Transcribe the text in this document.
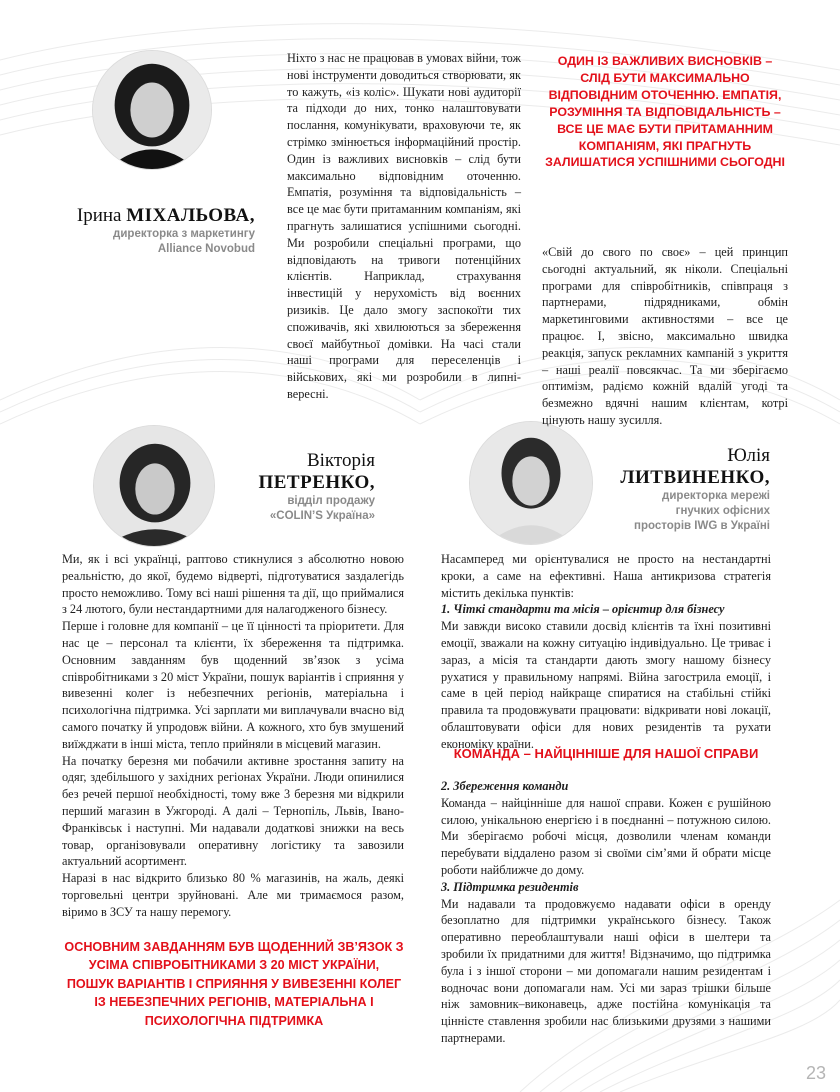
Ірина МІХАЛЬОВА,
директорка з маркетингу
Alliance Novobud
Ніхто з нас не працював в умовах війни, тож нові інструменти доводиться створювати, як то кажуть, «із коліс». Шукати нові аудиторії та підходи до них, тонко налаштовувати послання, комунікувати, враховуючи те, як стрімко змінюється інформаційний простір. Один із важливих висновків – слід бути максимально відповідним оточенню. Емпатія, розуміння та відповідальність – все це має бути притаманним компаніям, які прагнуть залишатися успішними сьогодні. Ми розробили спеціальні програми, що відповідають на тривоги потенційних клієнтів. Наприклад, страхування інвестицій у нерухомість від воєнних ризиків. Це дало змогу заспокоїти тих споживачів, які хвилюються за збереження своєї майбутньої домівки. На часі стали наші програми для переселенців і військових, які ми розробили в липні-вересні.
ОДИН ІЗ ВАЖЛИВИХ ВИСНОВКІВ – СЛІД БУТИ МАКСИМАЛЬНО ВІДПОВІДНИМ ОТОЧЕННЮ. ЕМПАТІЯ, РОЗУМІННЯ ТА ВІДПОВІДАЛЬНІСТЬ – ВСЕ ЦЕ МАЄ БУТИ ПРИТАМАННИМ КОМПАНІЯМ, ЯКІ ПРАГНУТЬ ЗАЛИШАТИСЯ УСПІШНИМИ СЬОГОДНІ
«Свій до свого по своє» – цей принцип сьогодні актуальний, як ніколи. Спеціальні програми для співробітників, співпраця з партнерами, підрядниками, обмін маркетинговими активностями – все це працює. І, звісно, максимально швидка реакція, запуск рекламних кампаній з укриття – наші реалії повсякчас. Та ми зберігаємо оптимізм, радіємо кожній вдалій угоді та безмежно вдячні нашим клієнтам, котрі цінують нашу зусилля.
Вікторія
ПЕТРЕНКО,
відділ продажу
«COLIN’S Україна»

Ми, як і всі українці, раптово стикнулися з абсолютно новою реальністю, до якої, будемо відверті, підготуватися заздалегідь просто неможливо. Тому всі наші рішення та дії, що приймалися з 24 лютого, були нестандартними для налагодженого бізнесу.

Перше і головне для компанії – це її цінності та пріоритети. Для нас це – персонал та клієнти, їх збереження та підтримка. Основним завданням був щоденний зв’язок з усіма співробітниками з 20 міст України, пошук варіантів і сприяння у вивезенні колег із небезпечних регіонів, матеріальна і психологічна підтримка. Усі зарплати ми виплачували вчасно від самого початку й упродовж війни. А кожного, хто був змушений виїжджати в інші міста, тепло прийняли в місцевий магазин.

На початку березня ми побачили активне зростання запиту на одяг, здебільшого у західних регіонах України. Люди опинилися без речей першої необхідності, тому вже 3 березня ми відкрили перший магазин в Ужгороді. А далі – Тернопіль, Львів, Івано-Франківськ і наступні. Ми надавали додаткові знижки на весь товар, організовували оперативну логістику та завозили актуальний асортимент.

Наразі в нас відкрито близько 80 % магазинів, на жаль, деякі торговельні центри зруйновані. Але ми тримаємося разом, віримо в ЗСУ та нашу перемогу.

ОСНОВНИМ ЗАВДАННЯМ БУВ ЩОДЕННИЙ ЗВ’ЯЗОК З УСІМА СПІВРОБІТНИКАМИ З 20 МІСТ УКРАЇНИ, ПОШУК ВАРІАНТІВ І СПРИЯННЯ У ВИВЕЗЕННІ КОЛЕГ ІЗ НЕБЕЗПЕЧНИХ РЕГІОНІВ, МАТЕРІАЛЬНА І ПСИХОЛОГІЧНА ПІДТРИМКА
Юлія
ЛИТВИНЕНКО,
директорка мережі
гнучких офісних
просторів IWG в Україні

Насамперед ми орієнтувалися не просто на нестандартні кроки, а саме на ефективні. Наша антикризова стратегія містить декілька пунктів:

1. Чіткі стандарти та місія – орієнтир для бізнесу

Ми завжди високо ставили досвід клієнтів та їхні позитивні емоції, зважали на кожну ситуацію індивідуально. Це триває і зараз, а місія та стандарти дають змогу нашому бізнесу рухатися у правильному напрямі. Війна загострила емоції, і саме в цей період найкраще спиратися на стабільні стійкі правила та продовжувати працювати: відкривати нові локації, облаштовувати офіси для нових резидентів та рухати економіку країни.

КОМАНДА – НАЙЦІННІШЕ ДЛЯ НАШОЇ СПРАВИ

2. Збереження команди

Команда – найцінніше для нашої справи. Кожен є рушійною силою, унікальною енергією і в поєднанні – потужною силою. Ми зберігаємо робочі місця, дозволили членам команди перебувати віддалено разом зі своїми сім’ями й обрати місце роботи найближче до дому.

3. Підтримка резидентів

Ми надавали та продовжуємо надавати офіси в оренду безоплатно для підтримки українського бізнесу. Також оперативно переоблаштували наші офіси в шелтери та зробили їх придатними для життя! Відзначимо, що підтримка була і з іншої сторони – ми допомагали нашим резидентам і водночас вони допомагали нам. Усі ми зараз трішки більше ніж замовник–виконавець, адже постійна комунікація та цінністе ставлення зробили нас близькими друзями з нашими партнерами.

23
